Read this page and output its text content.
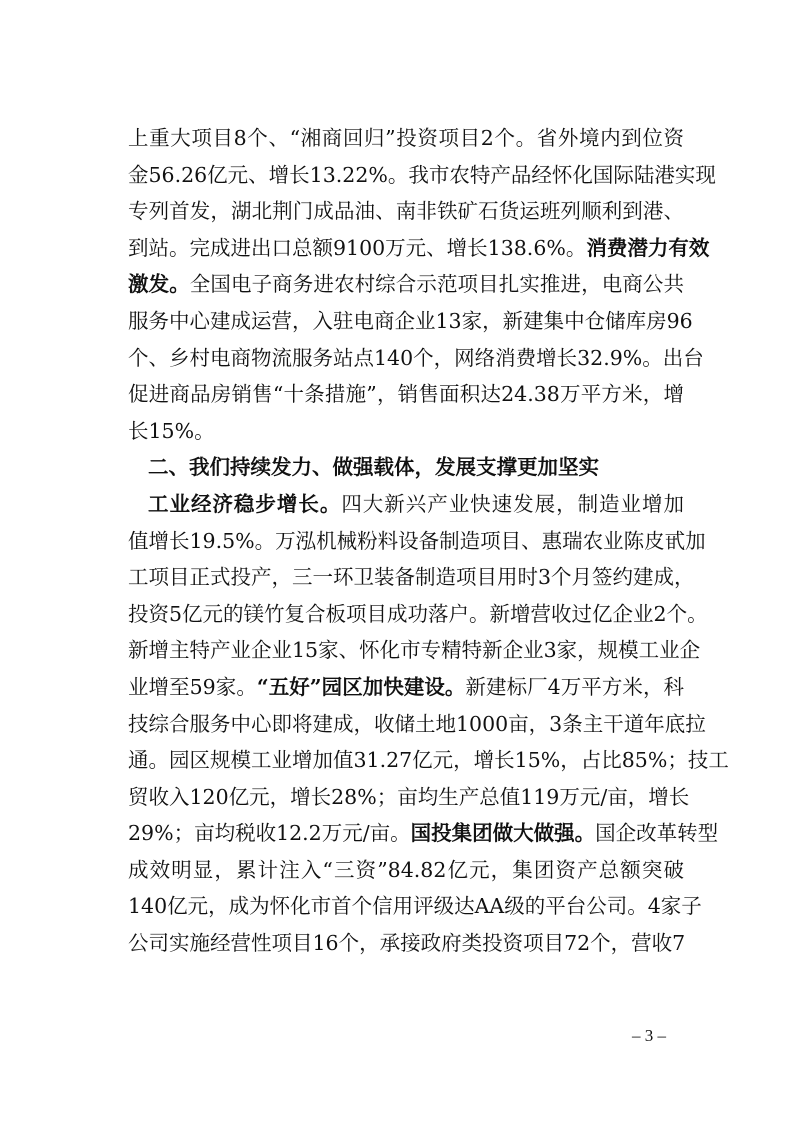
上重大项目8个、“湘商回归”投资项目2个。省外境内到位资
金56.26亿元、增长13.22%。我市农特产品经怀化国际陆港实现
专列首发，湖北荆门成品油、南非铁矿石货运班列顺利到港、
到站。完成进出口总额9100万元、增长138.6%。消费潜力有效
激发。全国电子商务进农村综合示范项目扎实推进，电商公共
服务中心建成运营，入驻电商企业13家，新建集中仓储库房96
个、乡村电商物流服务站点140个，网络消费增长32.9%。出台
促进商品房销售“十条措施”，销售面积达24.38万平方米，增
长15%。
二、我们持续发力、做强载体，发展支撑更加坚实
工业经济稳步增长。四大新兴产业快速发展，制造业增加
值增长19.5%。万泓机械粉料设备制造项目、惠瑞农业陈皮甙加
工项目正式投产，三一环卫装备制造项目用时3个月签约建成，
投资5亿元的镁竹复合板项目成功落户。新增营收过亿企业2个。
新增主特产业企业15家、怀化市专精特新企业3家，规模工业企
业增至59家。“五好”园区加快建设。新建标厂4万平方米，科
技综合服务中心即将建成，收储土地1000亩，3条主干道年底拉
通。园区规模工业增加值31.27亿元，增长15%，占比85%；技工
贸收入120亿元，增长28%；亩均生产总值119万元/亩，增长
29%；亩均税收12.2万元/亩。国投集团做大做强。国企改革转型
成效明显，累计注入“三资”84.82亿元，集团资产总额突破
140亿元，成为怀化市首个信用评级达AA级的平台公司。4家子
公司实施经营性项目16个，承接政府类投资项目72个，营收7
– 3 –
